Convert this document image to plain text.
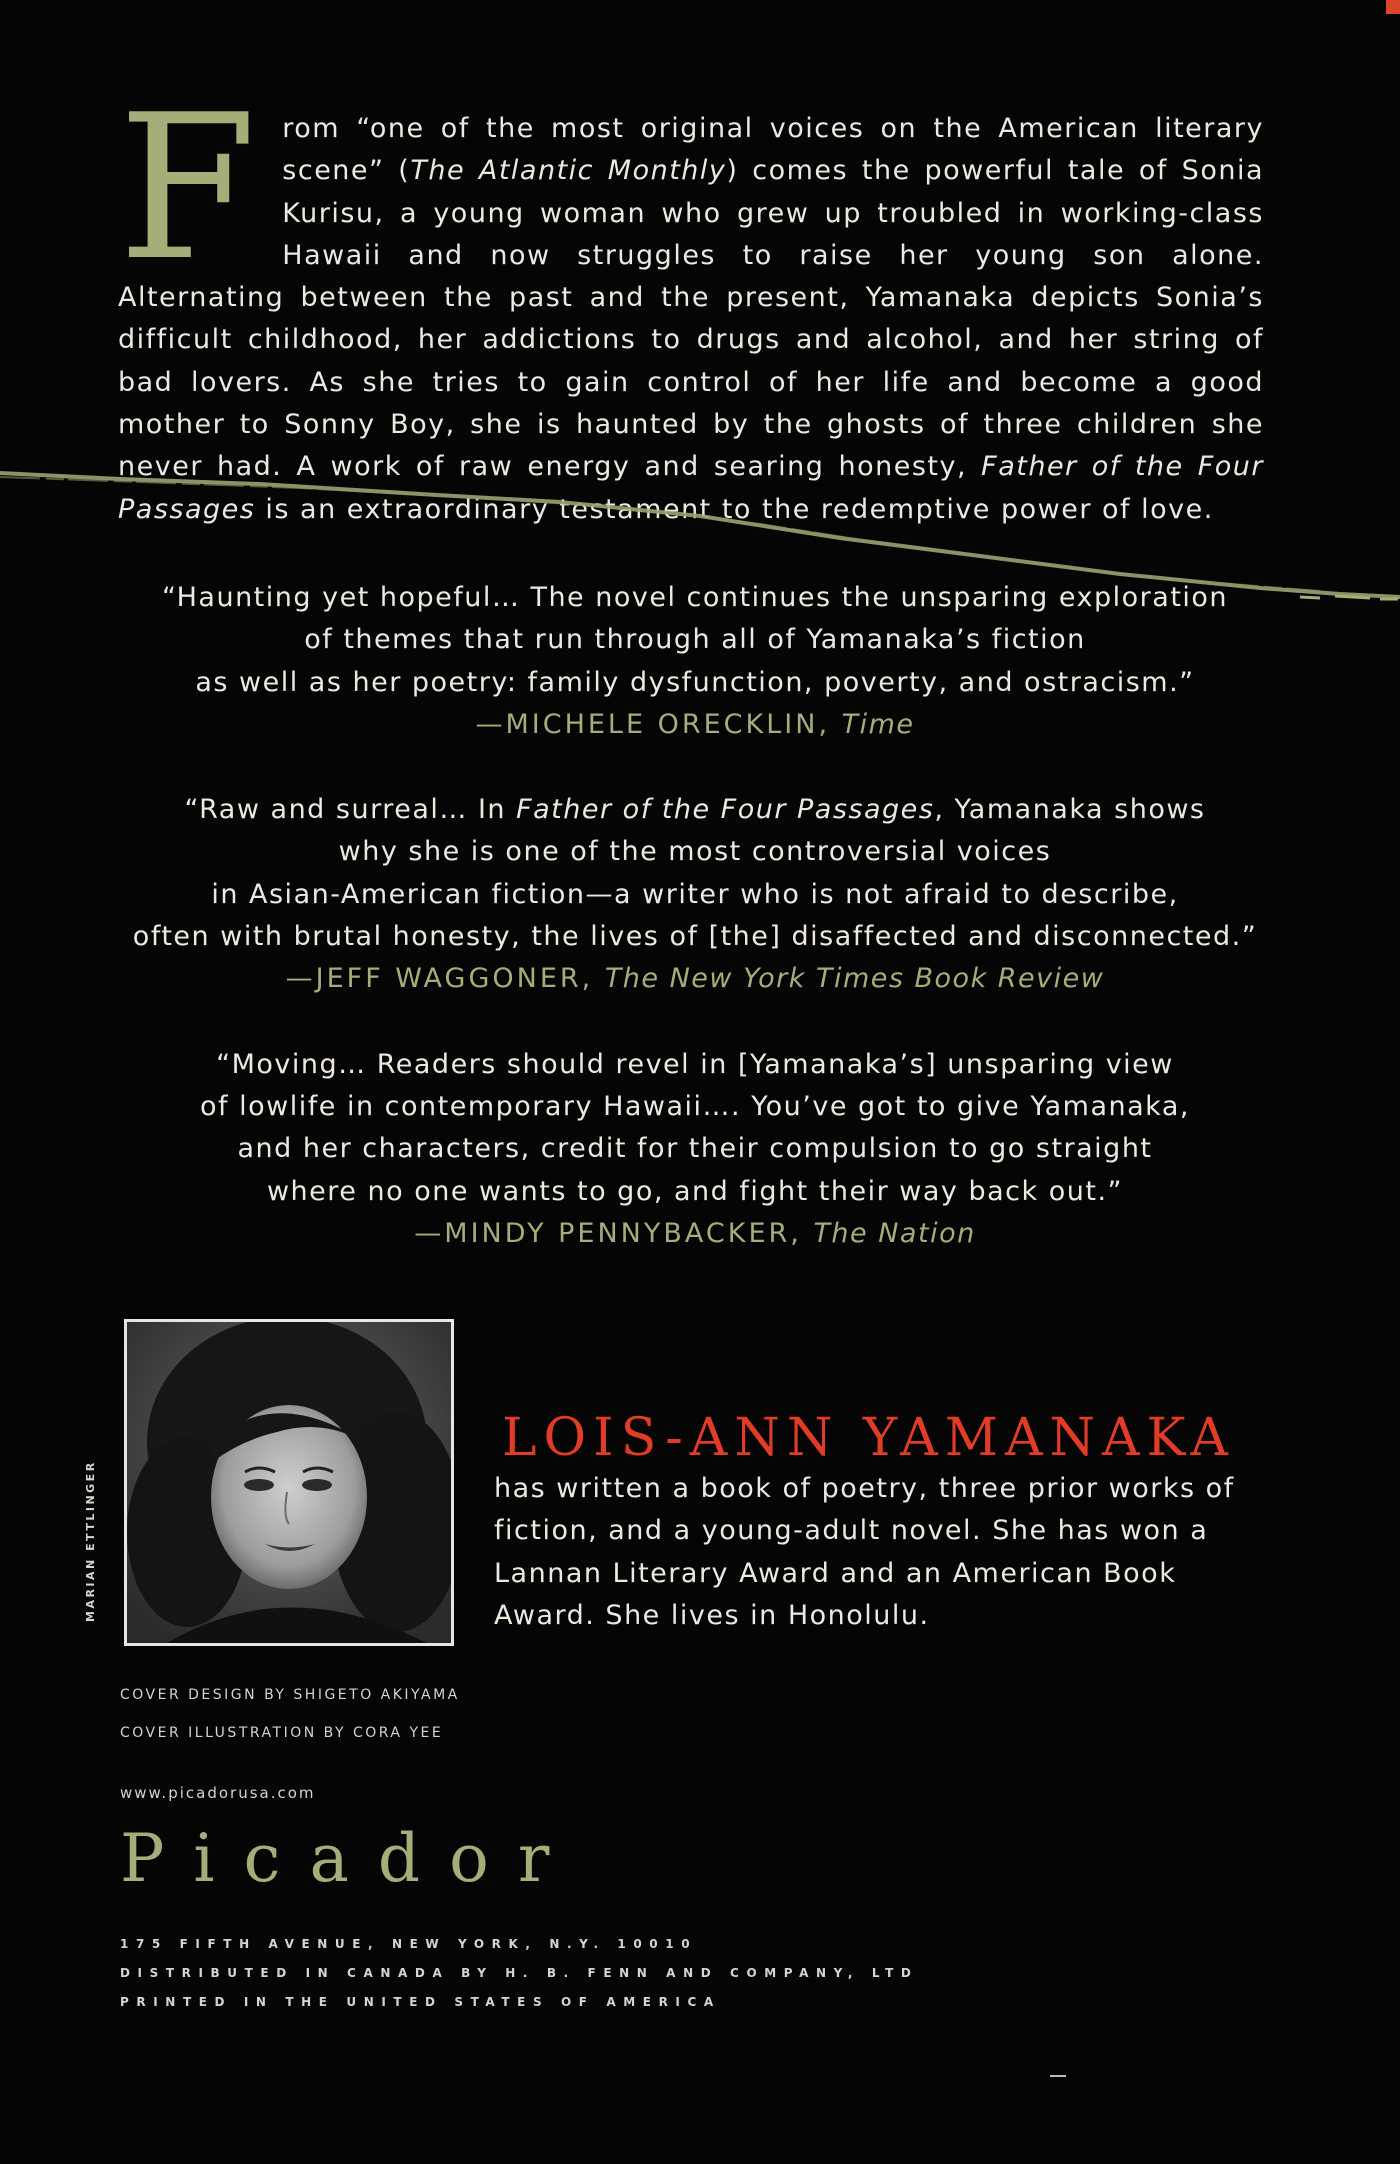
From “one of the most original voices on the American literary scene” (The Atlantic Monthly) comes the powerful tale of Sonia Kurisu, a young woman who grew up troubled in working-class Hawaii and now struggles to raise her young son alone. Alternating between the past and the present, Yamanaka depicts Sonia’s difficult childhood, her addictions to drugs and alcohol, and her string of bad lovers. As she tries to gain control of her life and become a good mother to Sonny Boy, she is haunted by the ghosts of three children she never had. A work of raw energy and searing honesty, Father of the Four Passages is an extraordinary testament to the redemptive power of love.

“Haunting yet hopeful… The novel continues the unsparing exploration

of themes that run through all of Yamanaka’s fiction

as well as her poetry: family dysfunction, poverty, and ostracism.”

—MICHELE ORECKLIN, Time

“Raw and surreal… In Father of the Four Passages, Yamanaka shows

why she is one of the most controversial voices

in Asian-American fiction—a writer who is not afraid to describe,

often with brutal honesty, the lives of [the] disaffected and disconnected.”

—JEFF WAGGONER, The New York Times Book Review

“Moving… Readers should revel in [Yamanaka’s] unsparing view

of lowlife in contemporary Hawaii…. You’ve got to give Yamanaka,

and her characters, credit for their compulsion to go straight

where no one wants to go, and fight their way back out.”

—MINDY PENNYBACKER, The Nation

MARIAN ETTLINGER
LOIS-ANN YAMANAKA

has written a book of poetry, three prior works of fiction, and a young-adult novel. She has won a Lannan Literary Award and an American Book Award. She lives in Honolulu.

COVER DESIGN BY SHIGETO AKIYAMA
COVER ILLUSTRATION BY CORA YEE
www.picadorusa.com
Picador
175 FIFTH AVENUE, NEW YORK, N.Y. 10010
DISTRIBUTED IN CANADA BY H. B. FENN AND COMPANY, LTD
PRINTED IN THE UNITED STATES OF AMERICA
